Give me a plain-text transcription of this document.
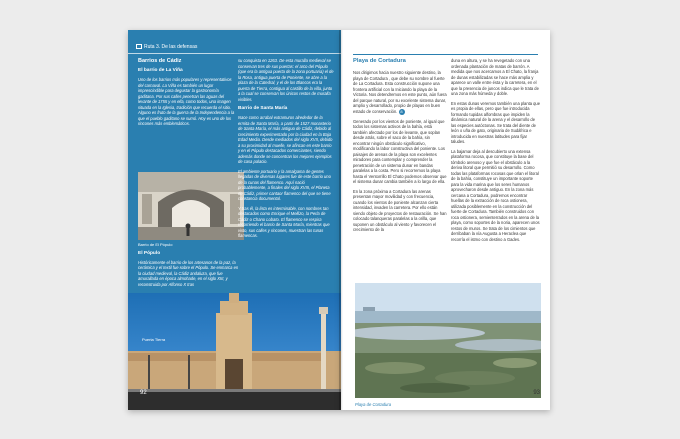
Ruta 3. De las defensas
Barrios de Cádiz
El barrio de La Viña

Uno de los barrios más populares y representativos del carnaval. La Viña es también un lugar imprescindible para degustar la gastronomía gaditana. Por sus calles penetran las aguas del levante de 1755 y en ella, como todos, una imagen situada en la Iglesia, tradición que recuerda el sitio. Alguno es fruto de la guerra de la Independencia a la que el pueblo gaditano se sumó. Hoy es uno de los rincones más emblemáticos.

Barrio de El Pópulo
El Pópulo

Históricamente el barrio de los artesanos de la paz, la cerámica y el textil fue sobre el Pópulo. Se enmarca en la ciudad medieval, la Cádiz andaluza, que fue amurallada en época almohade, en el siglo XIII, y reconstruida por Alfonso X tras

su conquista en 1263. De esta muralla medieval se conservan tres de sus puertas: el arco del Pópulo (que era la antigua puerta de la zona portuaria) el de la Rosa, antigua puerta de Poniente, se abre a la plaza de la Catedral, y el de los Blancos era la puerta de Tierra, contigua al castillo de la villa, junto a la cual se conservan los únicos restos de muralla visibles.

Barrio de Santa María

Nace como arrabal extramuros alrededor de la ermita de Santa María, a partir de 1527 monasterio de Santa María, el más antiguo de Cádiz, debido al crecimiento experimentado por la ciudad en la Baja Edad Media. Desde mediados del siglo XVII, debido a su proximidad al muelle, se afincan en este barrio y en el Pópulo destacados comerciantes, siendo además donde se concentran los mejores ejemplos de casa palacio.

El ambiente portuario y la amalgama de gentes llegadas de diversas lugares fue de este barrio uno de la cunas del flamenco. Aquí nació probablemente, a finales del siglo XVIII, el Planeta de Cádiz, primer cantaor flamenco del que se tiene constancia documental.

Y tras él, la lista es interminable, con nombres tan destacados como Enrique el Mellizo, la Perla de Cádiz o Chano Lobato. El flamenco se respira recorriendo el barrio de Santa María, mientras que visto, sus calles y rincones, muestran las tunas flamencas.

Puerta Tierra
92
Playa de Cortadura

Nos dirigimos hacia nuestro siguiente destino, la playa de Cortadura , que debe su nombre al fuerte de La Cortadura. Esta construcción supone una frontera artificial con la Iniciando la playa de la Victoria. Nos detendremos en este punto, aún fuera del parque natural, por su excelente sistema dunar, amplio y desarrollado, propio de playas en buen estado de conservación. 8

Generado por los vientos de poniente, al igual que todos los sistemas activos de la bahía, está también afectado por los de levante, que soplan desde atrás, sobre el saco de la bahía, sin encontrar ningún obstáculo significativo, modificando la labor constructiva del poniente. Los paisajes de arenas de la playa son excelentes miradores para contemplar y comprender la penetración de un sistema dunar en bandas paralelas a la costa. Pero si recorremos la playa hasta el Ventorrillo El Chato podemos observar que el sistema dunar cambia también a lo largo de ella.

En la zona próxima a Cortadura las arenas presentan mayor movilidad y con frecuencia, cuando los vientos de poniente alcanzan cierta intensidad, invaden la carretera. Por ello están siendo objeto de proyectos de restauración. Se han colocado talanqueras paralelas a la orilla, que suponen un obstáculo al viento y favorecen el crecimiento de la

duna en altura, y se ha revegetado con una ordenada plantación de matas de barrón. A medida que nos acercamos a El Chato, la franja de dunas estabilizadas se hace más amplia y aparece un valle entre ésta y la carretera, en el que la presencia de juncos indica que le trata de una zona más húmeda y doble.

En estas dunas veremos también una planta que es propia de ellas, pero que fue introducida formando tupidas alfombras que impiden la dinámica natural de la arena y el desarrollo de las especies autóctonas. Se trata del diente de león o uña de gato, originaria de Sudáfrica e introducida en nuestras latitudes para fijar taludes.

La bajamar deja al descubierto una extensa plataforma rocosa, que constituye la base del tómbolo arenoso y que fue el obstáculo a la deriva litoral que permitió su desarrollo. Como todas las plataformas rocosas que orlan el litoral de la bahía, constituye un importante soporte para la vida marina que los seres humanos aprovecharon desde antiguo. En la zona más cercana a Cortadura, podremos encontrar huellas de la extracción de roca ostionera, utilizada posiblemente en la construcción del fuerte de Cortadura. También construidos con roca ostionera, semienterrados en la arena de la playa, como soportes de la noria, aparecen unos restos de muros. Se trata de los cimientos que derribaban la vía Augusta a Heraclea que recorría el istmo con destino a Gades.

Playa de Cortadura
93
